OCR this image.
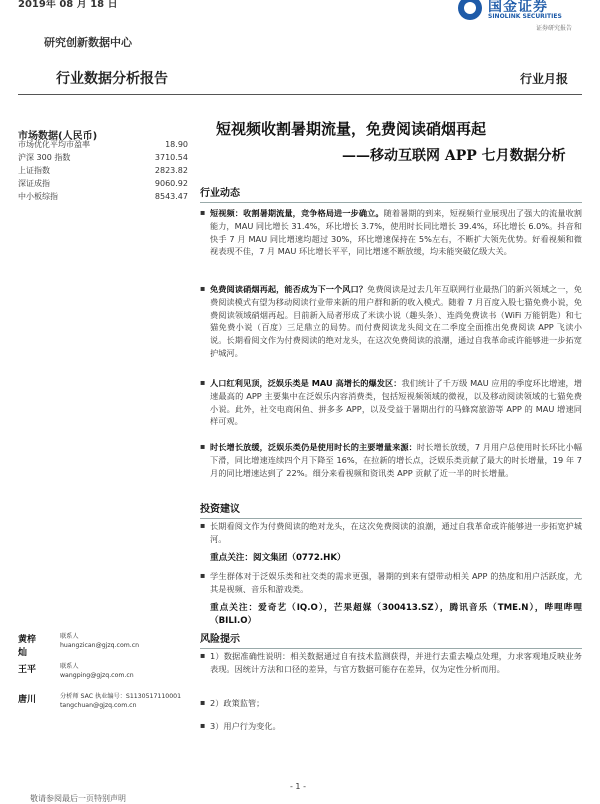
2019年 08 月 18 日
研究创新数据中心
国金证券
SINOLINK SECURITIES
证券研究报告
行业数据分析报告	行业月报
市场数据(人民币)
市场优化平均市盈率	18.90
沪深 300 指数	3710.54
上证指数	2823.82
深证成指	9060.92
中小板综指	8543.47
短视频收割暑期流量，免费阅读硝烟再起
——移动互联网 APP 七月数据分析
行业动态
▪ 短视频：收割暑期流量，竞争格局进一步确立。随着暑期的到来，短视频行业展现出了强大的流量收割能力，MAU 同比增长 31.4%，环比增长 3.7%，使用时长同比增长 39.4%，环比增长 6.0%。抖音和快手 7 月 MAU 同比增速均超过 30%，环比增速保持在 5%左右，不断扩大领先优势。好看视频和微视表现不佳，7 月 MAU 环比增长平平，同比增速不断放缓，均未能突破亿级大关。
▪ 免费阅读硝烟再起，能否成为下一个风口？免费阅读是过去几年互联网行业最热门的新兴领域之一，免费阅读模式有望为移动阅读行业带来新的用户群和新的收入模式。随着 7 月百度入股七猫免费小说，免费阅读领域硝烟再起。目前新入局者形成了米读小说（趣头条）、连尚免费读书（WiFi 万能钥匙）和七猫免费小说（百度）三足鼎立的局势。而付费阅读龙头阅文在二季度全面推出免费阅读 APP 飞读小说。长期看阅文作为付费阅读的绝对龙头，在这次免费阅读的浪潮，通过自我革命或许能够进一步拓宽护城河。
▪ 人口红利见顶，泛娱乐类是 MAU 高增长的爆发区：我们统计了千万级 MAU 应用的季度环比增速，增速最高的 APP 主要集中在泛娱乐内容消费类，包括短视频领域的微视，以及移动阅读领域的七猫免费小说。此外，社交电商闲鱼、拼多多 APP，以及受益于暑期出行的马蜂窝旅游等 APP 的 MAU 增速同样可观。
▪ 时长增长放缓，泛娱乐类仍是使用时长的主要增量来源：时长增长放缓，7 月用户总使用时长环比小幅下滑，同比增速连续四个月下降至 16%，在拉新的增长点，泛娱乐类贡献了最大的时长增量，19 年 7 月的同比增速达到了 22%。细分来看视频和资讯类 APP 贡献了近一半的时长增量。
投资建议
▪ 长期看阅文作为付费阅读的绝对龙头，在这次免费阅读的浪潮，通过自我革命或许能够进一步拓宽护城河。
重点关注：阅文集团（0772.HK）
▪ 学生群体对于泛娱乐类和社交类的需求更强，暑期的到来有望带动相关 APP 的热度和用户活跃度，尤其是视频、音乐和游戏类。
重点关注：爱奇艺（IQ.O），芒果超媒（300413.SZ），腾讯音乐（TME.N），哔哩哔哩（BILI.O）
风险提示
▪ 1）数据准确性说明：相关数据通过自有技术监测获得，并进行去重去噪点处理，力求客观地反映业务表现。因统计方法和口径的差异，与官方数据可能存在差异，仅为定性分析而用。
▪ 2）政策监管；
▪ 3）用户行为变化。
黄梓灿
联系人
huangzican@gjzq.com.cn
王平	联系人
wangping@gjzq.com.cn
唐川	分析师 SAC 执业编号：S1130517110001
tangchuan@gjzq.com.cn
- 1 -
敬请参阅最后一页特别声明
